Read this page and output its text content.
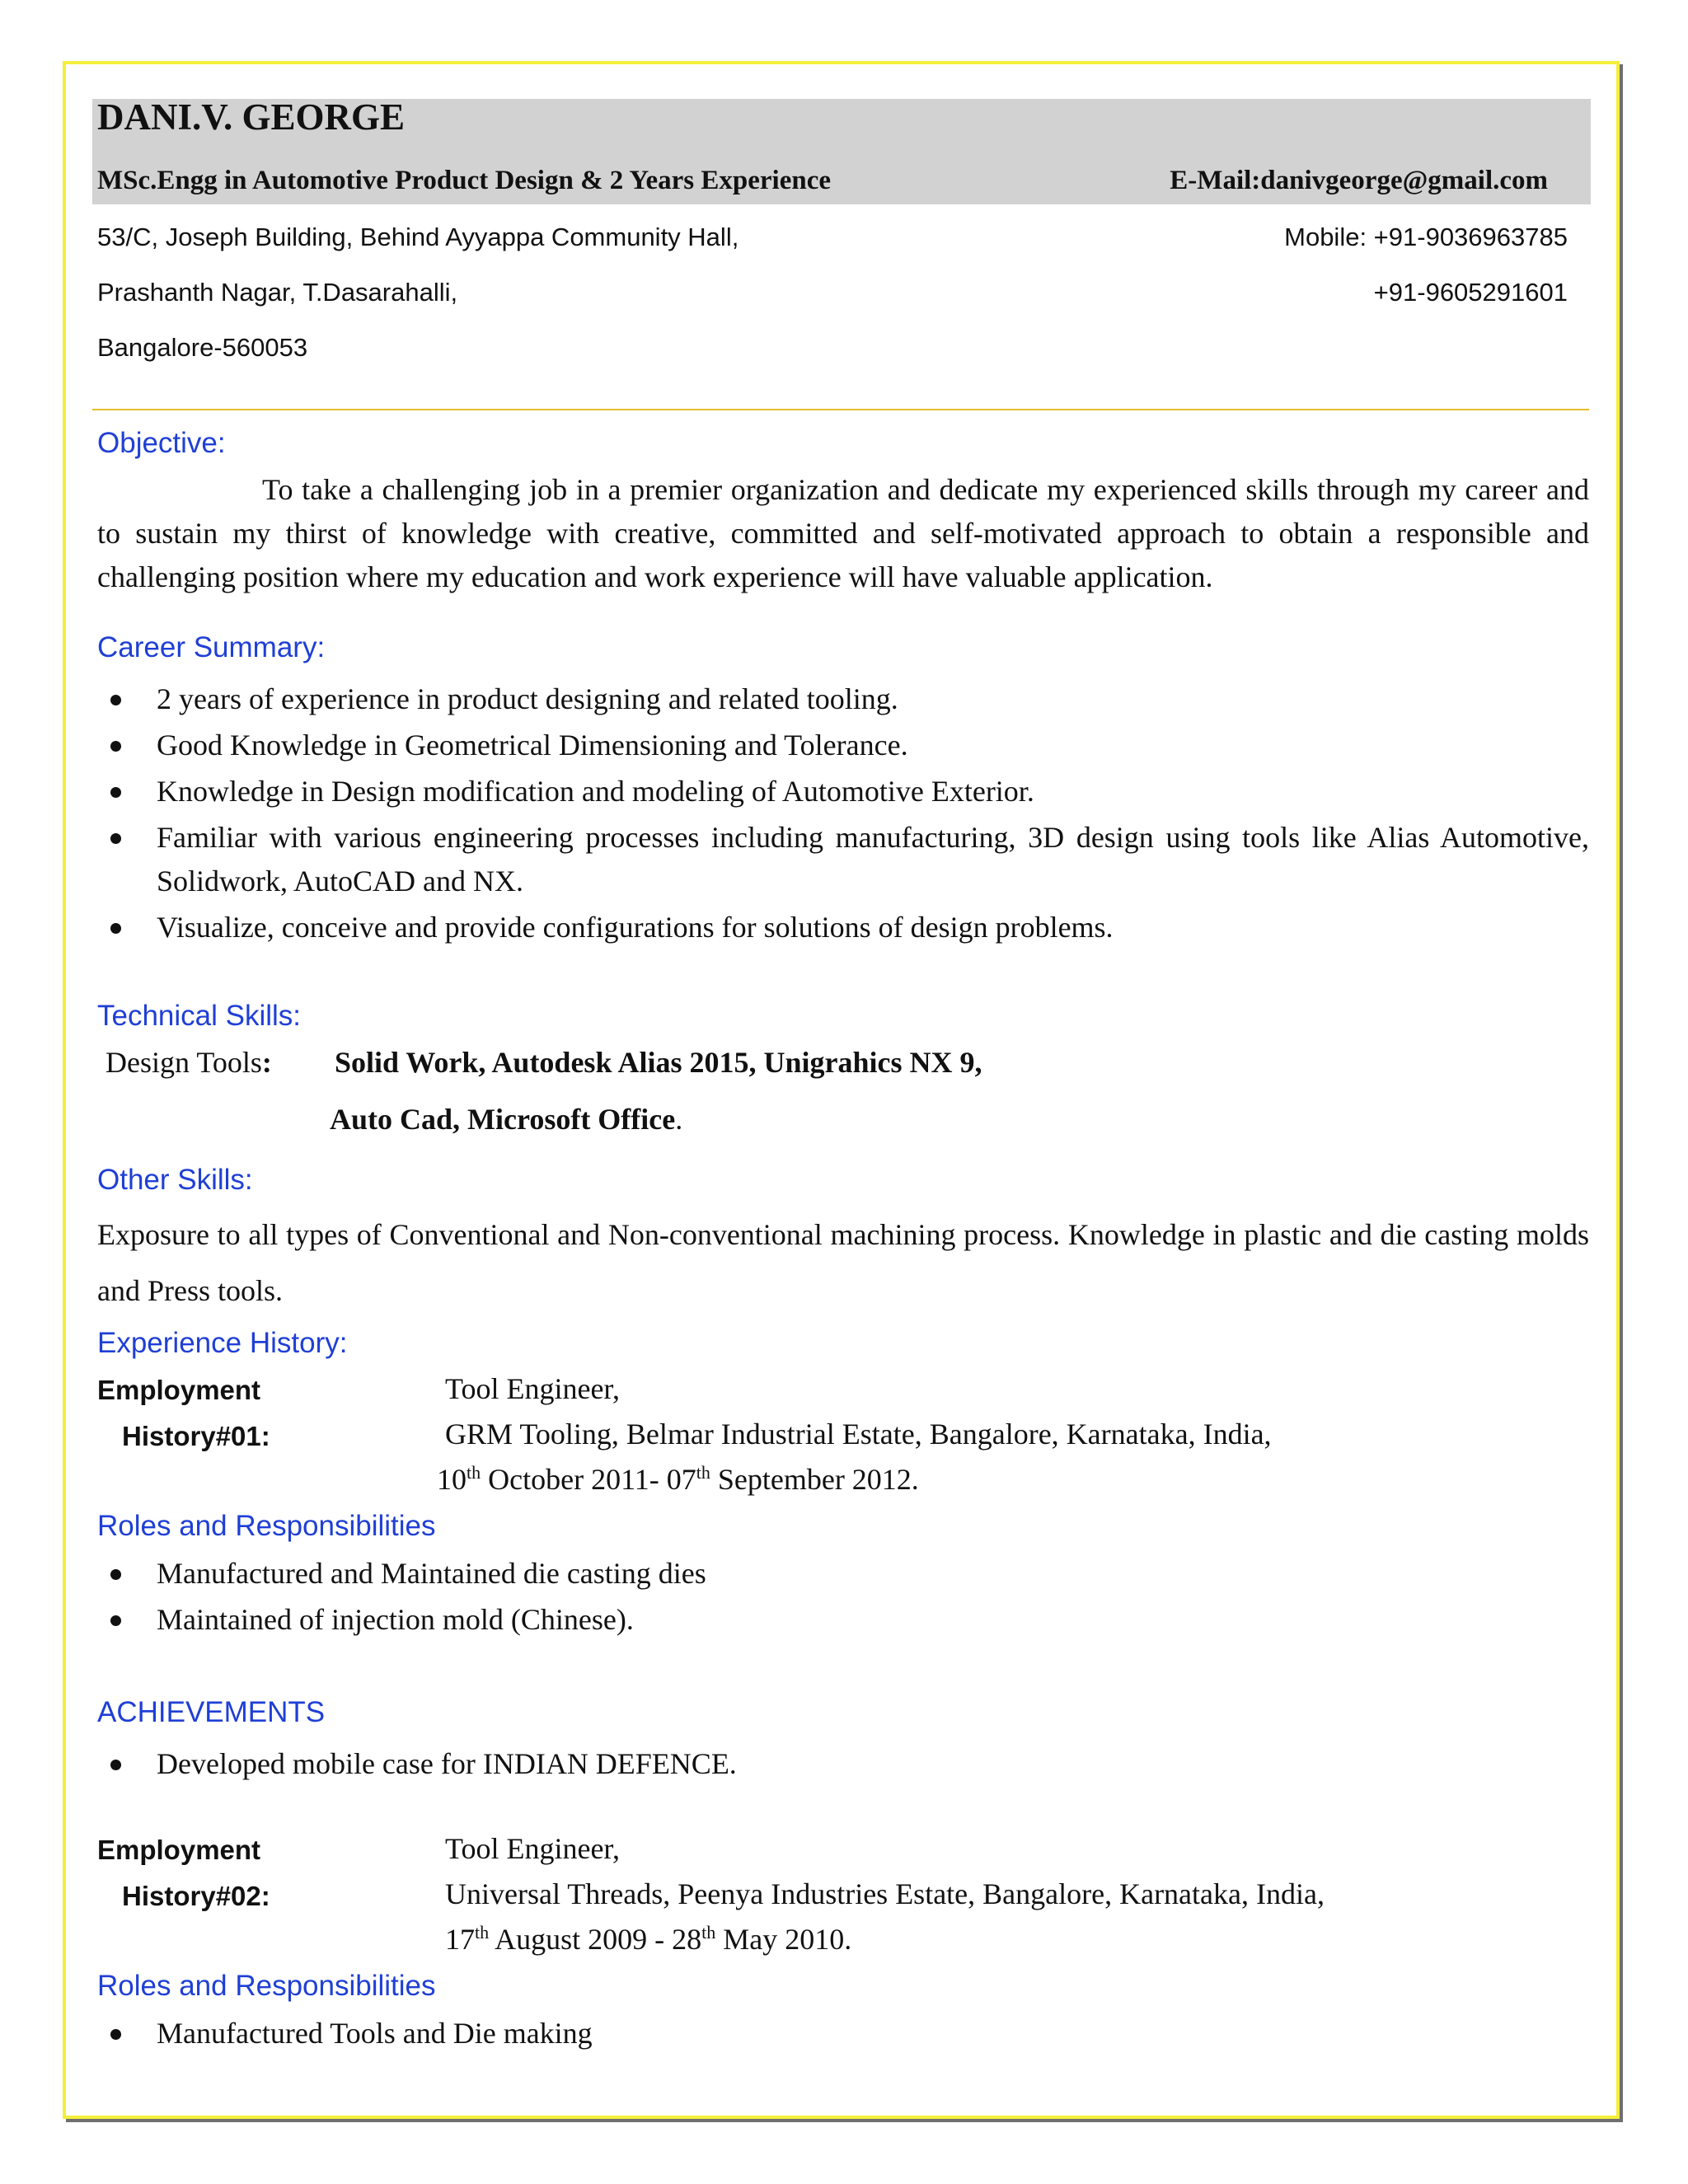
DANI.V. GEORGE
MSc.Engg in Automotive Product Design & 2 Years Experience	E-Mail:danivgeorge@gmail.com
53/C, Joseph Building, Behind Ayyappa Community Hall,
Prashanth Nagar, T.Dasarahalli,
Bangalore-560053
Mobile: +91-9036963785
+91-9605291601
Objective:
To take a challenging job in a premier organization and dedicate my experienced skills through my career and to sustain my thirst of knowledge with creative, committed and self-motivated approach to obtain a responsible and challenging position where my education and work experience will have valuable application.
Career Summary:
2 years of experience in product designing and related tooling.
Good Knowledge in Geometrical Dimensioning and Tolerance.
Knowledge in Design modification and modeling of Automotive Exterior.
Familiar with various engineering processes including manufacturing, 3D design using tools like Alias Automotive, Solidwork, AutoCAD and NX.
Visualize, conceive and provide configurations for solutions of design problems.
Technical Skills:
Design Tools: Solid Work, Autodesk Alias 2015, Unigrahics NX 9,
Auto Cad, Microsoft Office.
Other Skills:
Exposure to all types of Conventional and Non-conventional machining process. Knowledge in plastic and die casting molds and Press tools.
Experience History:
Employment
History#01:
Tool Engineer,
GRM Tooling, Belmar Industrial Estate, Bangalore, Karnataka, India,
10th October 2011- 07th September 2012.
Roles and Responsibilities
Manufactured and Maintained die casting dies
Maintained of injection mold (Chinese).
ACHIEVEMENTS
Developed mobile case for INDIAN DEFENCE.
Employment
History#02:
Tool Engineer,
Universal Threads, Peenya Industries Estate, Bangalore, Karnataka, India,
17th August 2009 - 28th May 2010.
Roles and Responsibilities
Manufactured Tools and Die making
